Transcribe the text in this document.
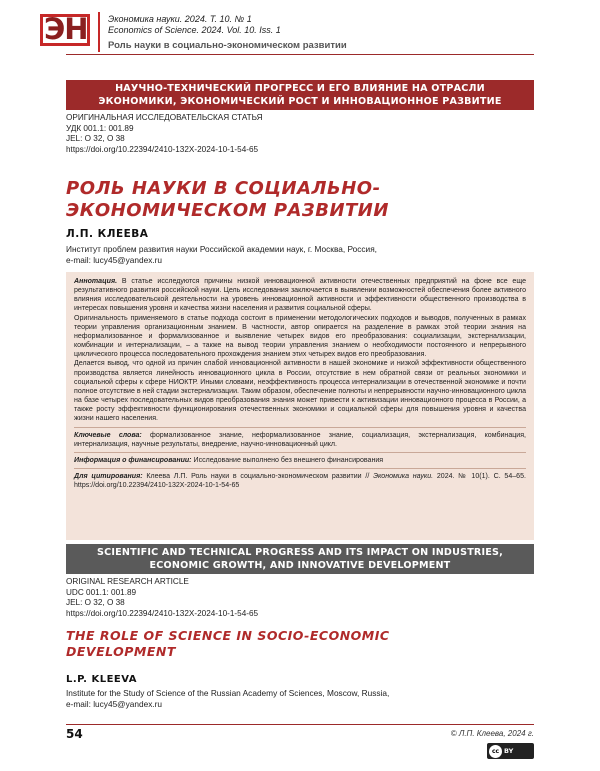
ЭН Экономика науки. 2024. Т. 10. № 1
Economics of Science. 2024. Vol. 10. Iss. 1
Роль науки в социально-экономическом развитии
НАУЧНО-ТЕХНИЧЕСКИЙ ПРОГРЕСС И ЕГО ВЛИЯНИЕ НА ОТРАСЛИ
ЭКОНОМИКИ, ЭКОНОМИЧЕСКИЙ РОСТ И ИННОВАЦИОННОЕ РАЗВИТИЕ
ОРИГИНАЛЬНАЯ ИССЛЕДОВАТЕЛЬСКАЯ СТАТЬЯ
УДК 001.1: 001.89
JEL: O 32, O 38
https://doi.org/10.22394/2410-132X-2024-10-1-54-65
РОЛЬ НАУКИ В СОЦИАЛЬНО-
ЭКОНОМИЧЕСКОМ РАЗВИТИИ
Л.П. КЛЕЕВА
Институт проблем развития науки Российской академии наук, г. Москва, Россия,
e-mail: lucy45@yandex.ru

Аннотация. В статье исследуются причины низкой инновационной активности отечественных предприятий на фоне все еще результативного развития российской науки. Цель исследования заключается в выявлении возможностей обеспечения более активного влияния исследовательской деятельности на уровень инновационной активности и эффективности общественного производства в интересах повышения уровня и качества жизни населения и развития социальной сферы.

Оригинальность применяемого в статье подхода состоит в применении методологических подходов и выводов, полученных в рамках теории управления организационным знанием. В частности, автор опирается на разделение в рамках этой теории знания на неформализованное и формализованное и выявление четырех видов его преобразования: социализации, экстернализации, комбинации и интернализации, – а также на вывод теории управления знанием о необходимости постоянного и непрерывного циклического процесса последовательного прохождения знанием этих четырех видов его преобразования.

Делается вывод, что одной из причин слабой инновационной активности в нашей экономике и низкой эффективности общественного производства является линейность инновационного цикла в России, отсутствие в нем обратной связи от реальных экономики и социальной сферы к сфере НИОКТР. Иными словами, неэффективность процесса интернализации в отечественной экономике и почти полное отсутствие в ней стадии экстернализации. Таким образом, обеспечение полноты и непрерывности научно-инновационного цикла на базе четырех последовательных видов преобразования знания может привести к активизации инновационного процесса в России, а также росту эффективности функционирования отечественных экономики и социальной сферы для повышения уровня и качества жизни нашего населения.

Ключевые слова: формализованное знание, неформализованное знание, социализация, экстернализация, комбинация, интернализация, научные результаты, внедрение, научно-инновационный цикл.

Информация о финансировании: Исследование выполнено без внешнего финансирования

Для цитирования: Клеева Л.П. Роль науки в социально-экономическом развитии // Экономика науки. 2024. № 10(1). С. 54–65. https://doi.org/10.22394/2410-132X-2024-10-1-54-65

SCIENTIFIC AND TECHNICAL PROGRESS AND ITS IMPACT ON INDUSTRIES,
ECONOMIC GROWTH, AND INNOVATIVE DEVELOPMENT
ORIGINAL RESEARCH ARTICLE
UDC 001.1: 001.89
JEL: O 32, O 38
https://doi.org/10.22394/2410-132X-2024-10-1-54-65
THE ROLE OF SCIENCE IN SOCIO-ECONOMIC
DEVELOPMENT
L.P. KLEEVA
Institute for the Study of Science of the Russian Academy of Sciences, Moscow, Russia,
e-mail: lucy45@yandex.ru
54	© Л.П. Клеева, 2024 г.
cc BY
